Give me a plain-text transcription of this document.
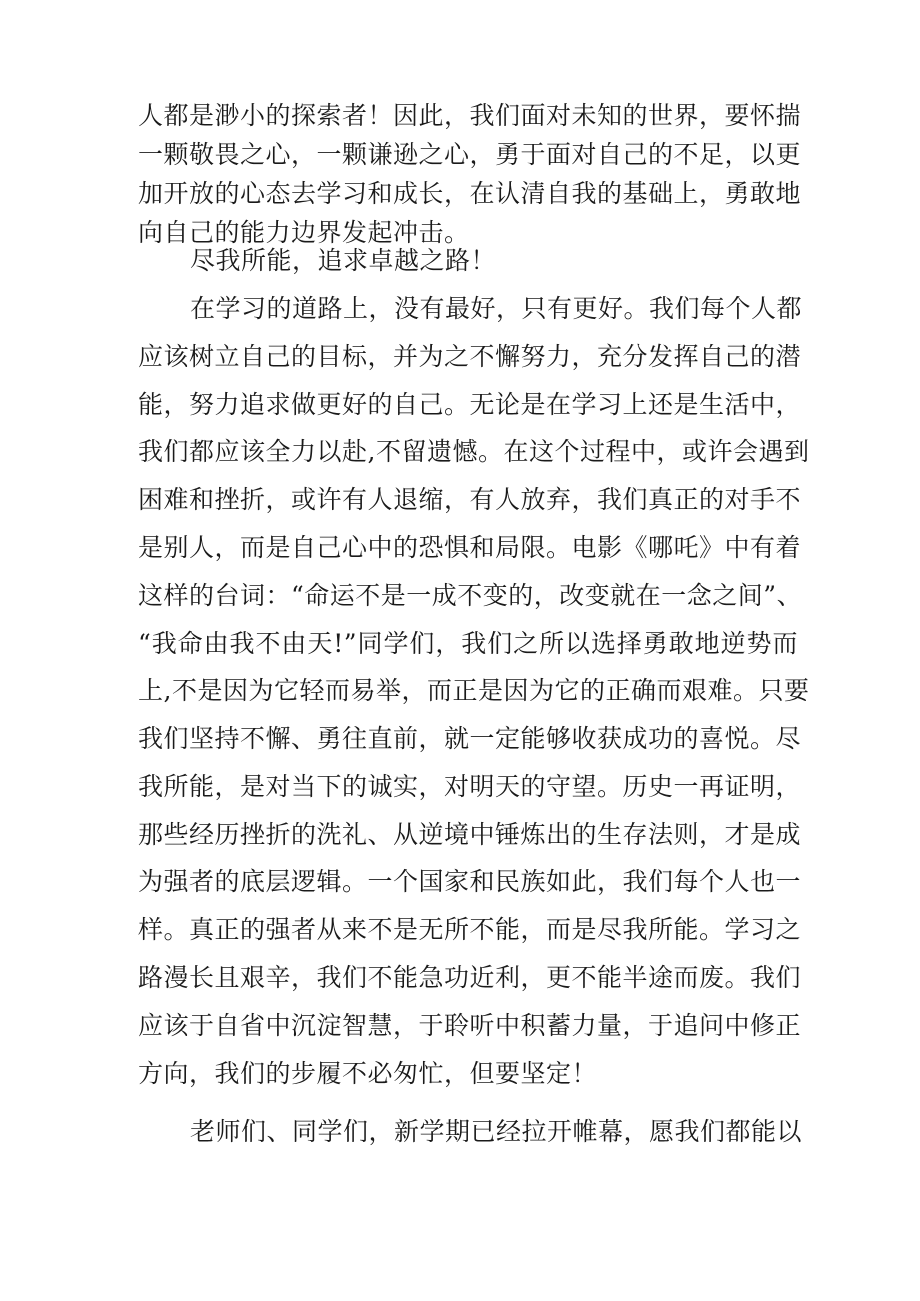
人都是渺小的探索者！因此，我们面对未知的世界，要怀揣
一颗敬畏之心，一颗谦逊之心，勇于面对自己的不足，以更
加开放的心态去学习和成长，在认清自我的基础上，勇敢地
向自己的能力边界发起冲击。
尽我所能，追求卓越之路！
在学习的道路上，没有最好，只有更好。我们每个人都
应该树立自己的目标，并为之不懈努力，充分发挥自己的潜
能，努力追求做更好的自己。无论是在学习上还是生活中，
我们都应该全力以赴,不留遗憾。在这个过程中，或许会遇到
困难和挫折，或许有人退缩，有人放弃，我们真正的对手不
是别人，而是自己心中的恐惧和局限。电影《哪吒》中有着
这样的台词：“命运不是一成不变的，改变就在一念之间”、
“我命由我不由天!”同学们，我们之所以选择勇敢地逆势而
上,不是因为它轻而易举，而正是因为它的正确而艰难。只要
我们坚持不懈、勇往直前，就一定能够收获成功的喜悦。尽
我所能，是对当下的诚实，对明天的守望。历史一再证明，
那些经历挫折的洗礼、从逆境中锤炼出的生存法则，才是成
为强者的底层逻辑。一个国家和民族如此，我们每个人也一
样。真正的强者从来不是无所不能，而是尽我所能。学习之
路漫长且艰辛，我们不能急功近利，更不能半途而废。我们
应该于自省中沉淀智慧，于聆听中积蓄力量，于追问中修正
方向，我们的步履不必匆忙，但要坚定！
老师们、同学们，新学期已经拉开帷幕，愿我们都能以
